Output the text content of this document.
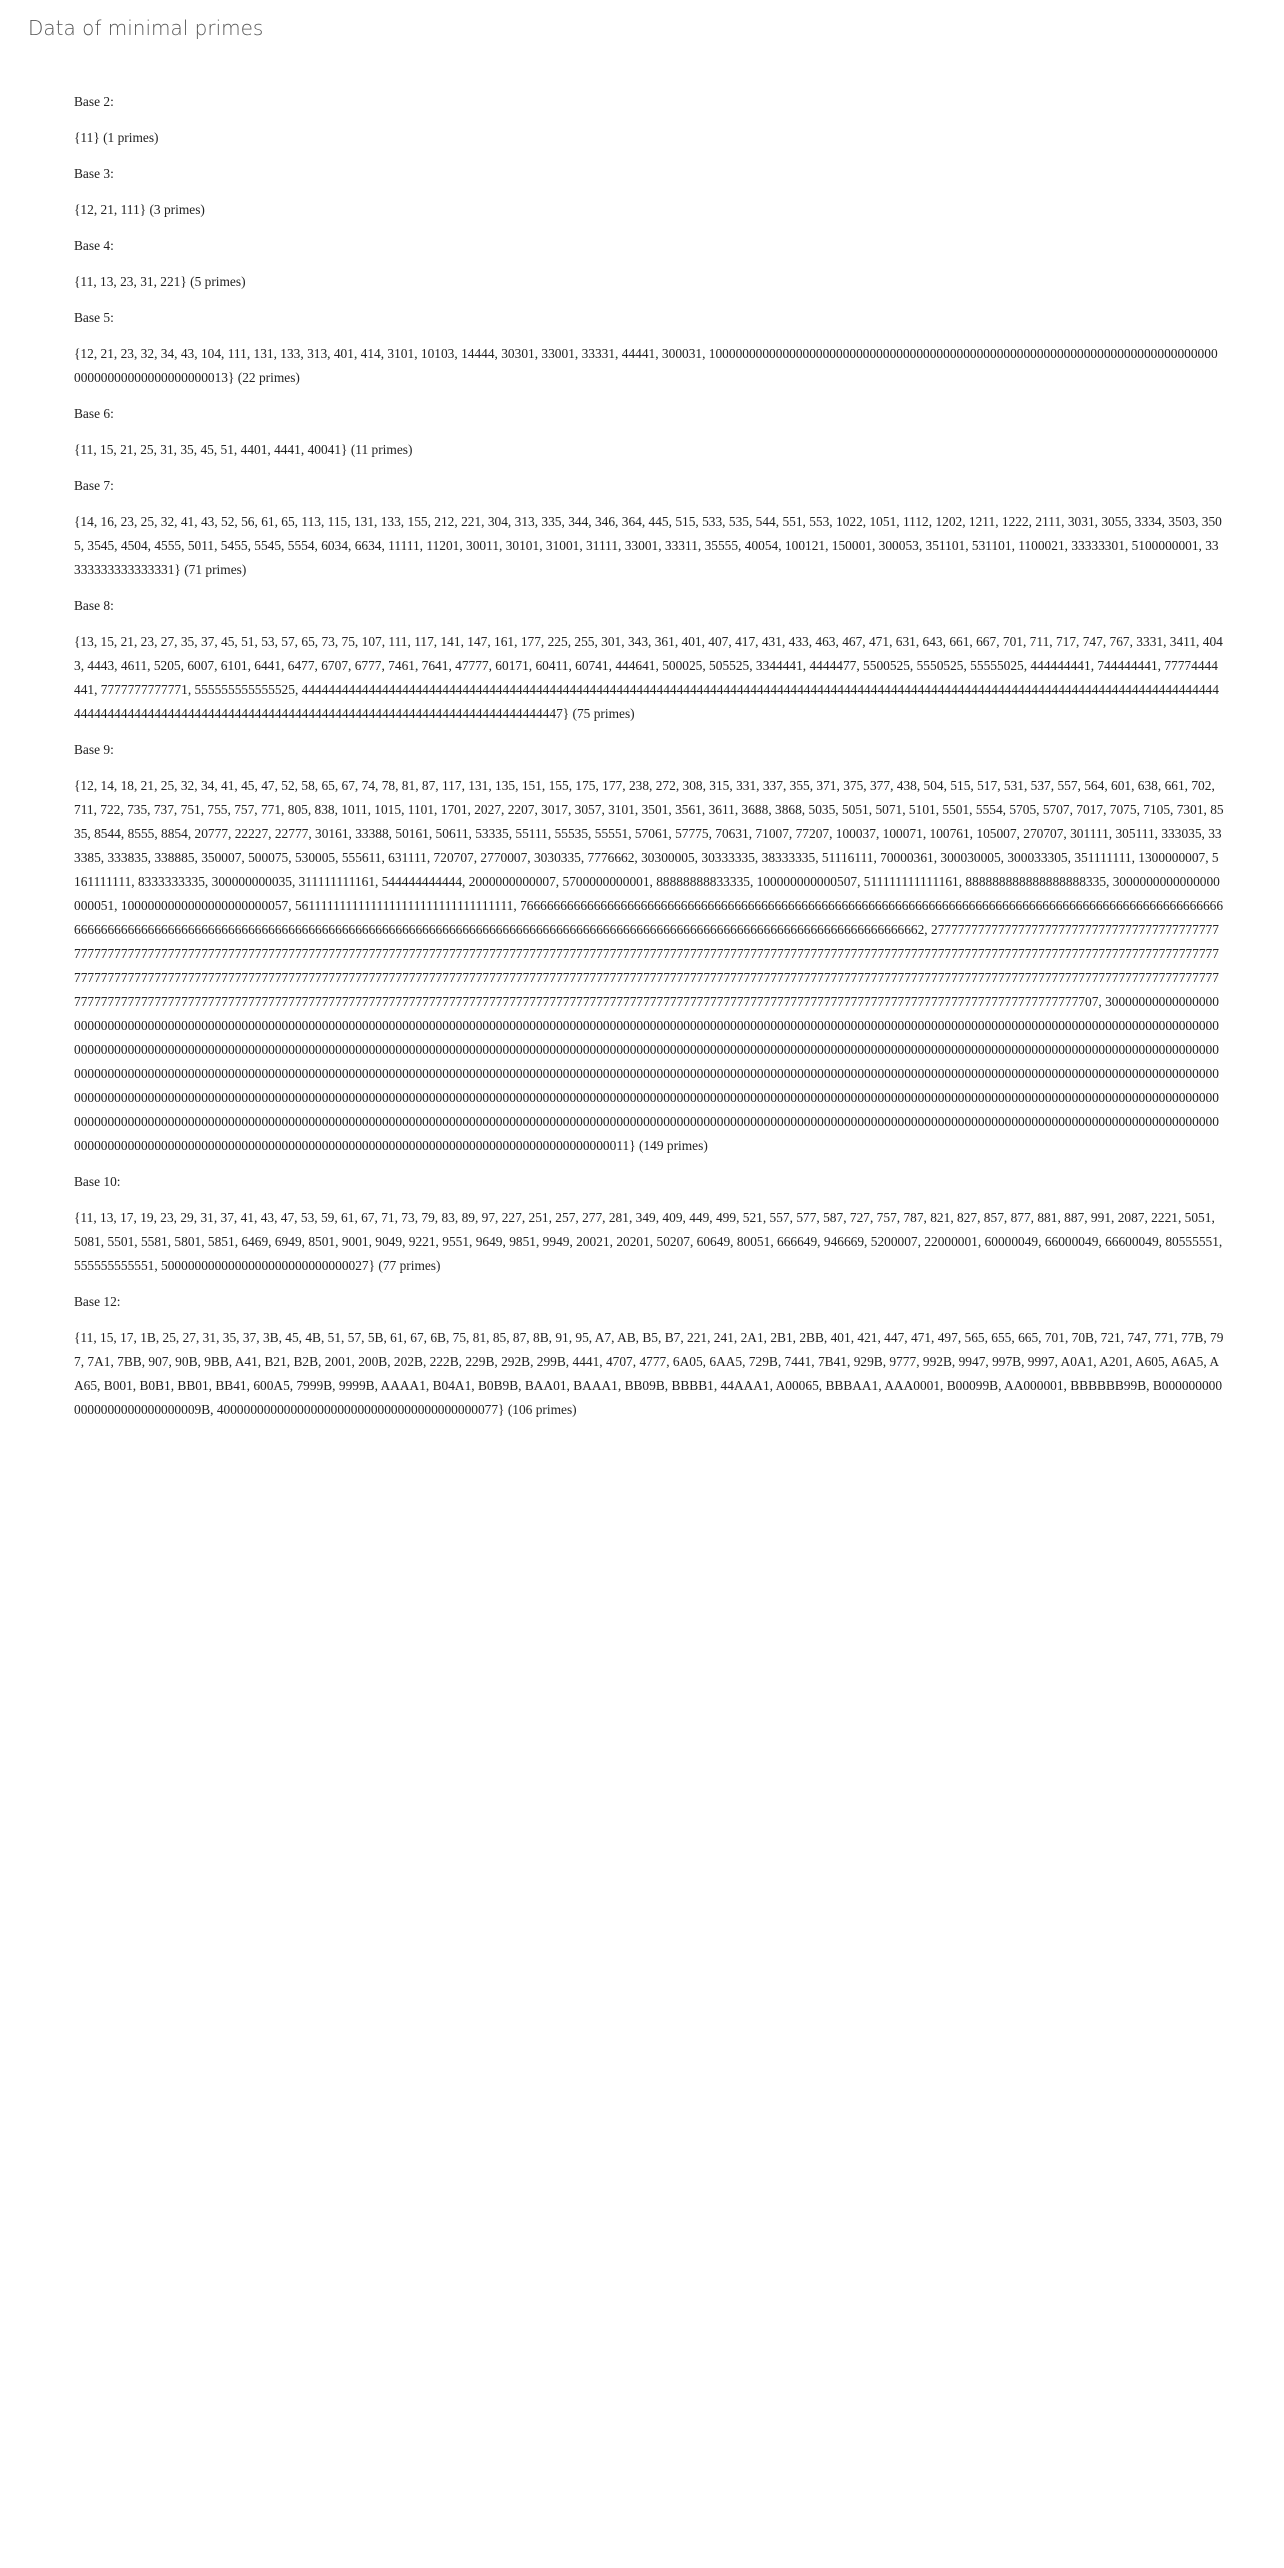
Data of minimal primes

Base 2:

{11} (1 primes)

Base 3:

{12, 21, 111} (3 primes)

Base 4:

{11, 13, 23, 31, 221} (5 primes)

Base 5:

{12, 21, 23, 32, 34, 43, 104, 111, 131, 133, 313, 401, 414, 3101, 10103, 14444, 30301, 33001, 33331, 44441, 300031, 100000000000000000000000000000000000000000000000000000000000000000000000000000000000000000000000013} (22 primes)

Base 6:

{11, 15, 21, 25, 31, 35, 45, 51, 4401, 4441, 40041} (11 primes)

Base 7:

{14, 16, 23, 25, 32, 41, 43, 52, 56, 61, 65, 113, 115, 131, 133, 155, 212, 221, 304, 313, 335, 344, 346, 364, 445, 515, 533, 535, 544, 551, 553, 1022, 1051, 1112, 1202, 1211, 1222, 2111, 3031, 3055, 3334, 3503, 3505, 3545, 4504, 4555, 5011, 5455, 5545, 5554, 6034, 6634, 11111, 11201, 30011, 30101, 31001, 31111, 33001, 33311, 35555, 40054, 100121, 150001, 300053, 351101, 531101, 1100021, 33333301, 5100000001, 33333333333333331} (71 primes)

Base 8:

{13, 15, 21, 23, 27, 35, 37, 45, 51, 53, 57, 65, 73, 75, 107, 111, 117, 141, 147, 161, 177, 225, 255, 301, 343, 361, 401, 407, 417, 431, 433, 463, 467, 471, 631, 643, 661, 667, 701, 711, 717, 747, 767, 3331, 3411, 4043, 4443, 4611, 5205, 6007, 6101, 6441, 6477, 6707, 6777, 7461, 7641, 47777, 60171, 60411, 60741, 444641, 500025, 505525, 3344441, 4444477, 5500525, 5550525, 55555025, 444444441, 744444441, 77774444441, 7777777777771, 555555555555525, 444444444444444444444444444444444444444444444444444444444444444444444444444444444444444444444444444444444444444444444444444444444444444444444444444444444444444444444444444444444444444444444444444444444444444447} (75 primes)

Base 9:

{12, 14, 18, 21, 25, 32, 34, 41, 45, 47, 52, 58, 65, 67, 74, 78, 81, 87, 117, 131, 135, 151, 155, 175, 177, 238, 272, 308, 315, 331, 337, 355, 371, 375, 377, 438, 504, 515, 517, 531, 537, 557, 564, 601, 638, 661, 702, 711, 722, 735, 737, 751, 755, 757, 771, 805, 838, 1011, 1015, 1101, 1701, 2027, 2207, 3017, 3057, 3101, 3501, 3561, 3611, 3688, 3868, 5035, 5051, 5071, 5101, 5501, 5554, 5705, 5707, 7017, 7075, 7105, 7301, 8535, 8544, 8555, 8854, 20777, 22227, 22777, 30161, 33388, 50161, 50611, 53335, 55111, 55535, 55551, 57061, 57775, 70631, 71007, 77207, 100037, 100071, 100761, 105007, 270707, 301111, 305111, 333035, 333385, 333835, 338885, 350007, 500075, 530005, 555611, 631111, 720707, 2770007, 3030335, 7776662, 30300005, 30333335, 38333335, 51116111, 70000361, 300030005, 300033305, 351111111, 1300000007, 5161111111, 8333333335, 300000000035, 311111111161, 544444444444, 2000000000007, 5700000000001, 88888888833335, 100000000000507, 511111111111161, 888888888888888888335, 3000000000000000000051, 1000000000000000000000057, 56111111111111111111111111111111111, 7666666666666666666666666666666666666666666666666666666666666666666666666666666666666666666666666666666666666666666666666666666666666666666666666666666666666666666666666666666666666666666666666666666666666666666666666666666666666662, 2777777777777777777777777777777777777777777777777777777777777777777777777777777777777777777777777777777777777777777777777777777777777777777777777777777777777777777777777777777777777777777777777777777777777777777777777777777777777777777777777777777777777777777777777777777777777777777777777777777777777777777777777777777777777777777777777777777777777777777777777777777777777777777777777777777777777777777777777777777777777777777777777777777777777777777777777777777777777777777777777777777777777777777777777777777777777777777777777777777707, 3000000000000000000000000000000000000000000000000000000000000000000000000000000000000000000000000000000000000000000000000000000000000000000000000000000000000000000000000000000000000000000000000000000000000000000000000000000000000000000000000000000000000000000000000000000000000000000000000000000000000000000000000000000000000000000000000000000000000000000000000000000000000000000000000000000000000000000000000000000000000000000000000000000000000000000000000000000000000000000000000000000000000000000000000000000000000000000000000000000000000000000000000000000000000000000000000000000000000000000000000000000000000000000000000000000000000000000000000000000000000000000000000000000000000000000000000000000000000000000000000000000000000000000000000000000000000000000000000000000000000000000000000000000000000000000000000000000000000000000000000000000000000000000000000000000000000000000000000000000000000000000000000000000000000000000000000000000000000000011} (149 primes)

Base 10:

{11, 13, 17, 19, 23, 29, 31, 37, 41, 43, 47, 53, 59, 61, 67, 71, 73, 79, 83, 89, 97, 227, 251, 257, 277, 281, 349, 409, 449, 499, 521, 557, 577, 587, 727, 757, 787, 821, 827, 857, 877, 881, 887, 991, 2087, 2221, 5051, 5081, 5501, 5581, 5801, 5851, 6469, 6949, 8501, 9001, 9049, 9221, 9551, 9649, 9851, 9949, 20021, 20201, 50207, 60649, 80051, 666649, 946669, 5200007, 22000001, 60000049, 66000049, 66600049, 80555551, 555555555551, 5000000000000000000000000000027} (77 primes)

Base 12:

{11, 15, 17, 1B, 25, 27, 31, 35, 37, 3B, 45, 4B, 51, 57, 5B, 61, 67, 6B, 75, 81, 85, 87, 8B, 91, 95, A7, AB, B5, B7, 221, 241, 2A1, 2B1, 2BB, 401, 421, 447, 471, 497, 565, 655, 665, 701, 70B, 721, 747, 771, 77B, 797, 7A1, 7BB, 907, 90B, 9BB, A41, B21, B2B, 2001, 200B, 202B, 222B, 229B, 292B, 299B, 4441, 4707, 4777, 6A05, 6AA5, 729B, 7441, 7B41, 929B, 9777, 992B, 9947, 997B, 9997, A0A1, A201, A605, A6A5, AA65, B001, B0B1, BB01, BB41, 600A5, 7999B, 9999B, AAAA1, B04A1, B0B9B, BAA01, BAAA1, BB09B, BBBB1, 44AAA1, A00065, BBBAA1, AAA0001, B00099B, AA000001, BBBBBB99B, B0000000000000000000000000009B, 400000000000000000000000000000000000000077} (106 primes)
